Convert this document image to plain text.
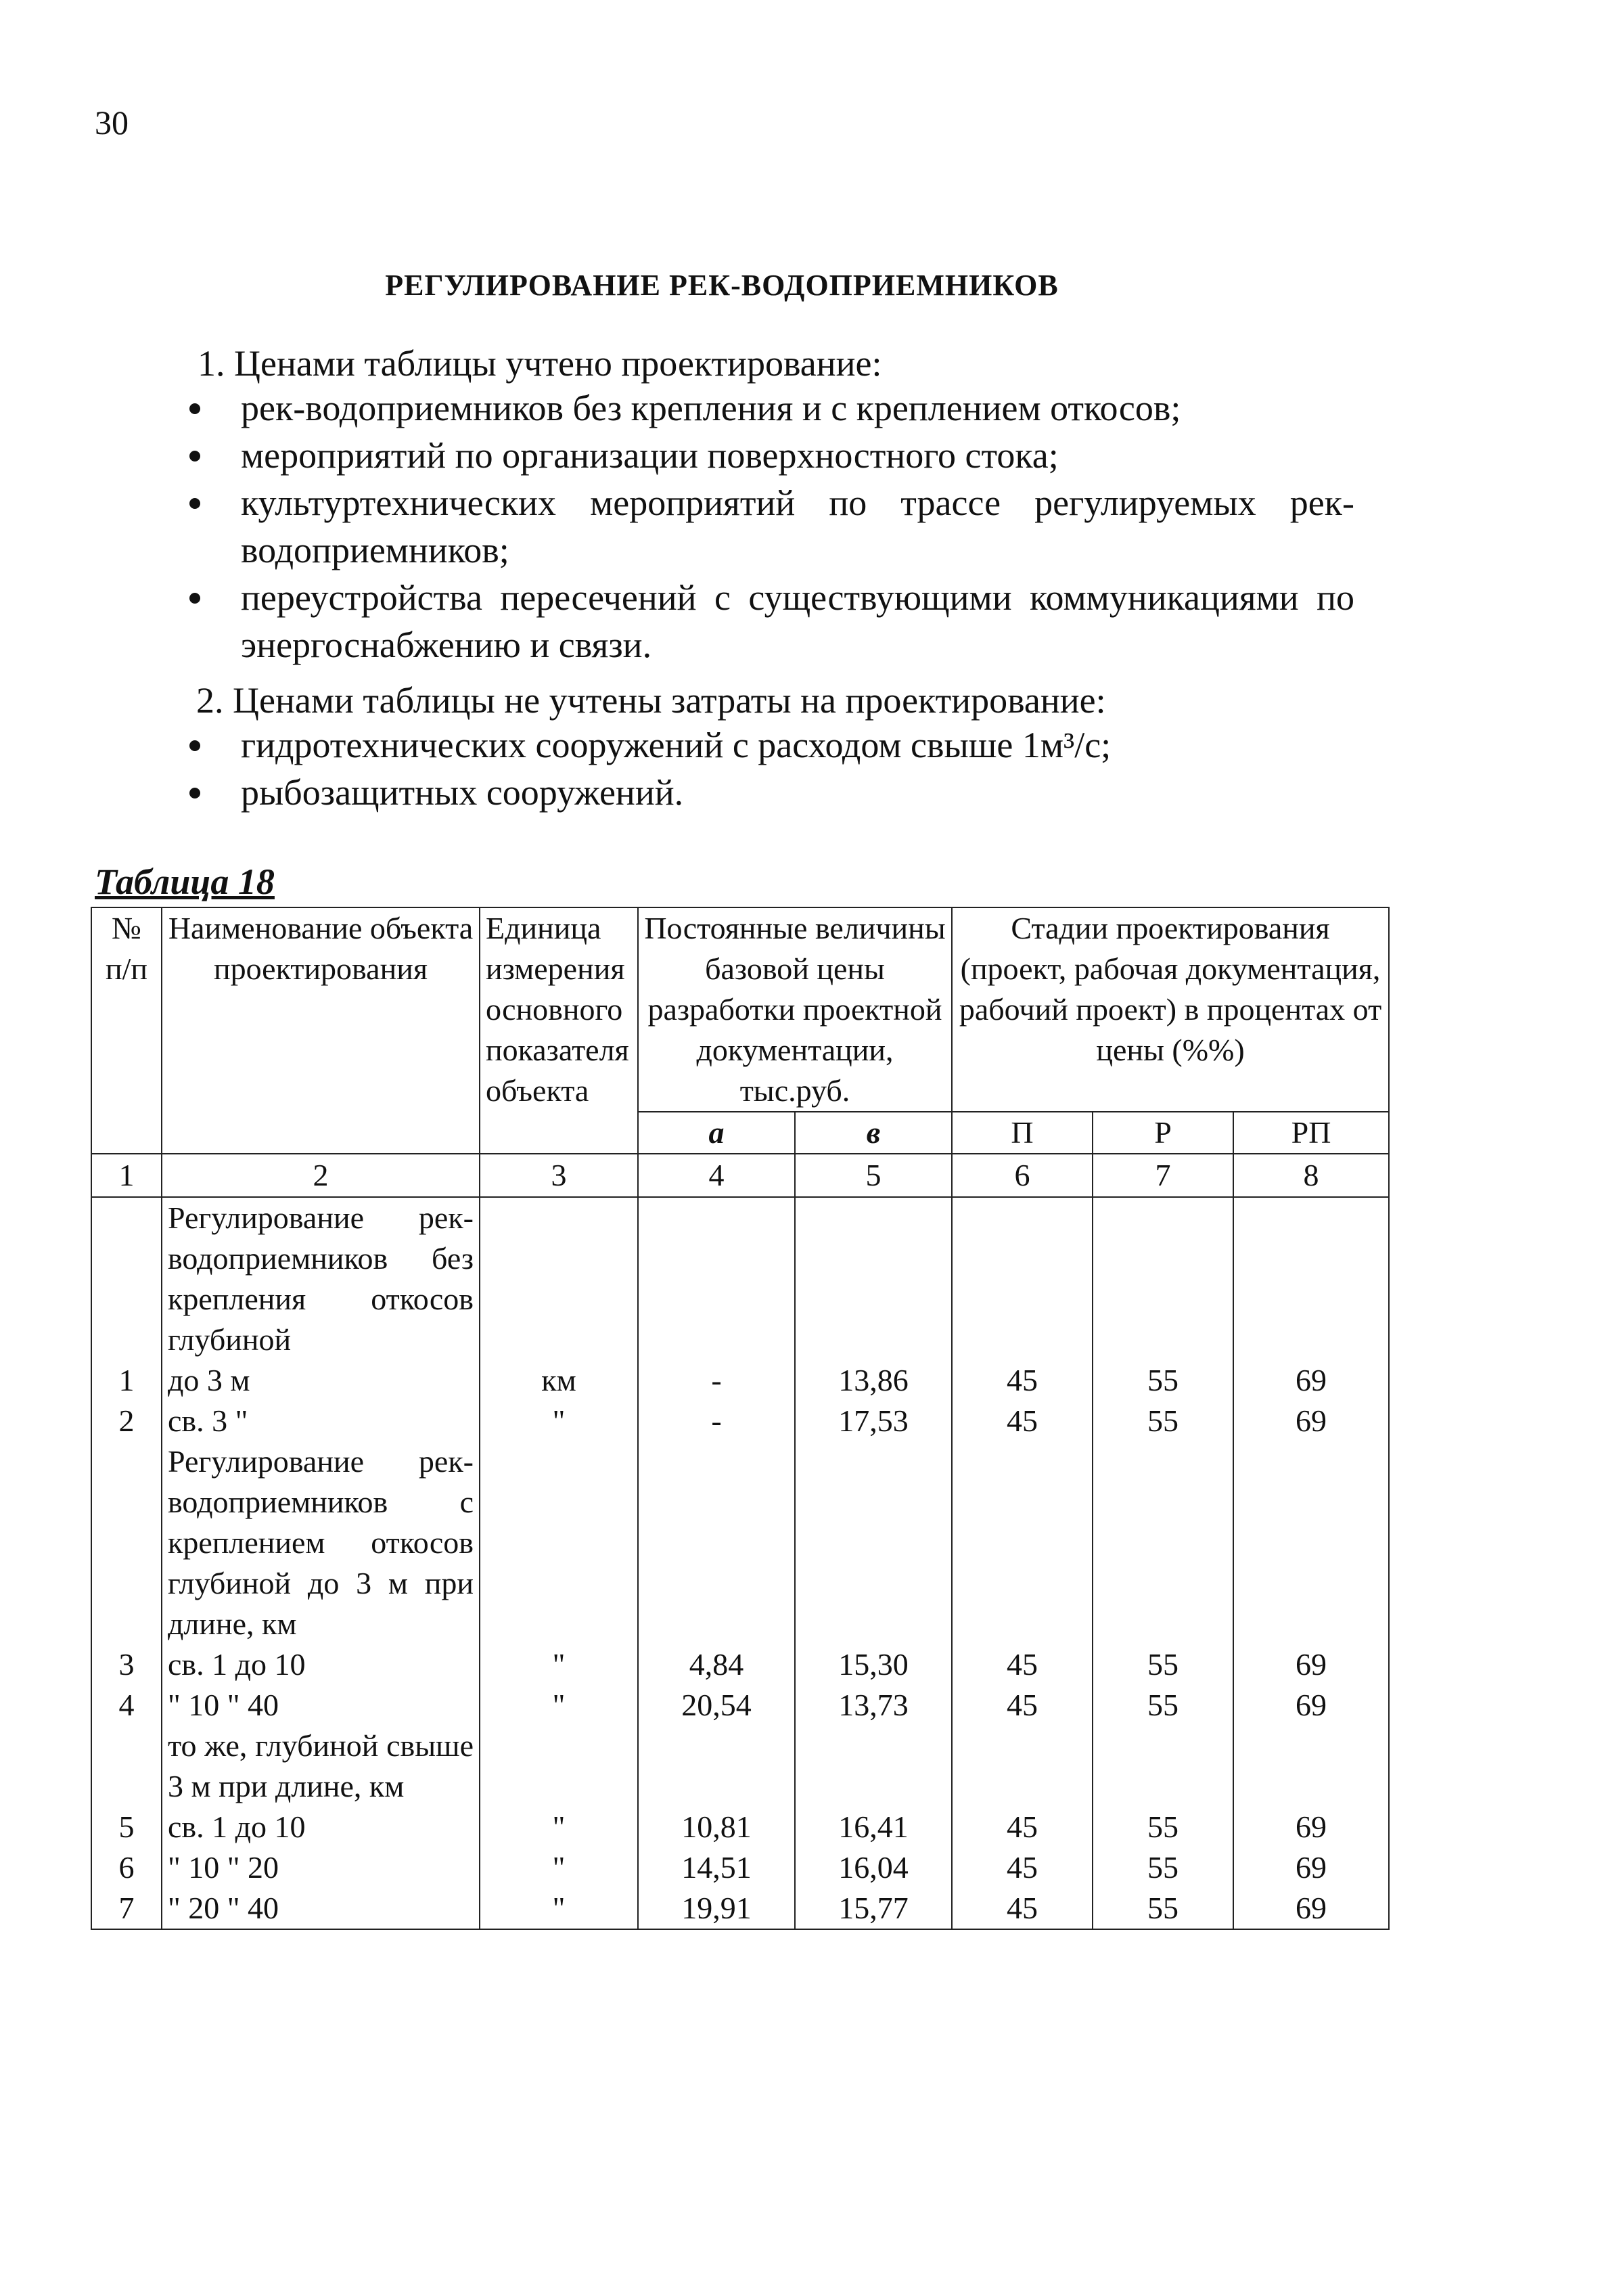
30
РЕГУЛИРОВАНИЕ РЕК-ВОДОПРИЕМНИКОВ
1. Ценами таблицы учтено проектирование:
рек-водоприемников без крепления и с креплением откосов;
мероприятий по организации поверхностного стока;
культуртехнических мероприятий по трассе регулируемых рек-водоприемников;
переустройства пересечений с существующими коммуникациями по энергоснабжению и связи.
2. Ценами таблицы не учтены затраты на проектирование:
гидротехнических сооружений с расходом свыше 1м³/с;
рыбозащитных сооружений.
Таблица 18
№ п/п	Наименование объекта проектирования	Единица измерения основного показателя объекта	Постоянные величины базовой цены разработки проектной документации, тыс.руб.		Стадии проектирования (проект, рабочая документация, рабочий проект) в процентах от цены (%%)		
			а	в	П	Р	РП
1	2	3	4	5	6	7	8
	Регулирование рек-водоприемников без крепления откосов глубиной						
1	до 3 м	км	-	13,86	45	55	69
2	св. 3 "	"	-	17,53	45	55	69
	Регулирование рек-водоприемников с креплением откосов глубиной до 3 м при длине, км						
3	св. 1 до 10	"	4,84	15,30	45	55	69
4	" 10 " 40	"	20,54	13,73	45	55	69
	то же, глубиной свыше 3 м при длине, км						
5	св. 1 до 10	"	10,81	16,41	45	55	69
6	" 10 " 20	"	14,51	16,04	45	55	69
7	" 20 " 40	"	19,91	15,77	45	55	69
